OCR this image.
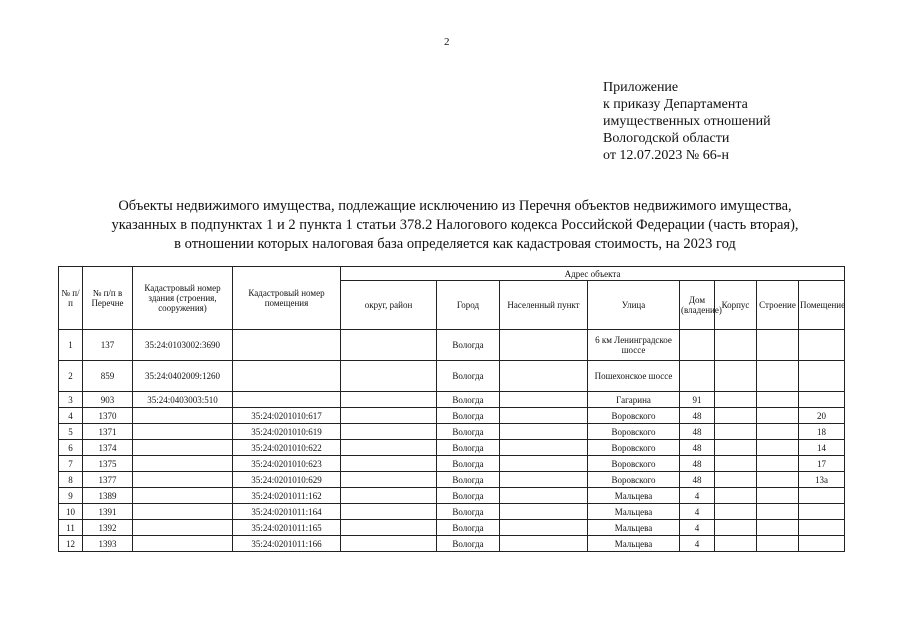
2
Приложение
к приказу Департамента
имущественных отношений
Вологодской области
от 12.07.2023 № 66-н
Объекты недвижимого имущества, подлежащие исключению из Перечня объектов недвижимого имущества,
указанных в подпунктах 1 и 2 пункта 1 статьи 378.2 Налогового кодекса Российской Федерации (часть вторая),
в отношении которых налоговая база определяется как кадастровая стоимость, на 2023 год
№ п/п	№ п/п в Перечне	Кадастровый номер здания (строения, сооружения)	Кадастровый номер помещения	Адрес объекта							
				округ, район	Город	Населенный пункт	Улица	Дом (владение)	Корпус	Строение	Помещение
1	137	35:24:0103002:3690			Вологда		6 км Ленинградское шоссе				
2	859	35:24:0402009:1260			Вологда		Пошехонское шоссе				
3	903	35:24:0403003:510			Вологда		Гагарина	91			
4	1370		35:24:0201010:617		Вологда		Воровского	48			20
5	1371		35:24:0201010:619		Вологда		Воровского	48			18
6	1374		35:24:0201010:622		Вологда		Воровского	48			14
7	1375		35:24:0201010:623		Вологда		Воровского	48			17
8	1377		35:24:0201010:629		Вологда		Воровского	48			13а
9	1389		35:24:0201011:162		Вологда		Мальцева	4			
10	1391		35:24:0201011:164		Вологда		Мальцева	4			
11	1392		35:24:0201011:165		Вологда		Мальцева	4			
12	1393		35:24:0201011:166		Вологда		Мальцева	4			
